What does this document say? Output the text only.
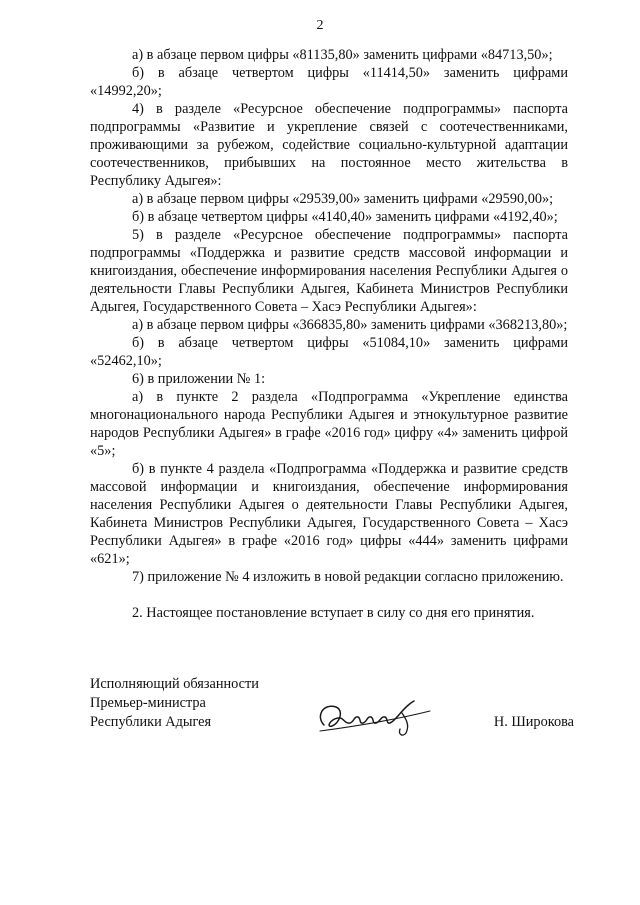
2

а) в абзаце первом цифры «81135,80» заменить цифрами «84713,50»;

б) в абзаце четвертом цифры «11414,50» заменить цифрами «14992,20»;

4) в разделе «Ресурсное обеспечение подпрограммы» паспорта подпрограммы «Развитие и укрепление связей с соотечественниками, проживающими за рубежом, содействие социально-культурной адаптации соотечественников, прибывших на постоянное место жительства в Республику Адыгея»:

а) в абзаце первом цифры «29539,00» заменить цифрами «29590,00»;

б) в абзаце четвертом цифры «4140,40» заменить цифрами «4192,40»;

5) в разделе «Ресурсное обеспечение подпрограммы» паспорта подпрограммы «Поддержка и развитие средств массовой информации и книгоиздания, обеспечение информирования населения Республики Адыгея о деятельности Главы Республики Адыгея, Кабинета Министров Республики Адыгея, Государственного Совета – Хасэ Республики Адыгея»:

а) в абзаце первом цифры «366835,80» заменить цифрами «368213,80»;

б) в абзаце четвертом цифры «51084,10» заменить цифрами «52462,10»;

6) в приложении № 1:

а) в пункте 2 раздела «Подпрограмма «Укрепление единства многонационального народа Республики Адыгея и этнокультурное развитие народов Республики Адыгея» в графе «2016 год» цифру «4» заменить цифрой «5»;

б) в пункте 4 раздела «Подпрограмма «Поддержка и развитие средств массовой информации и книгоиздания, обеспечение информирования населения Республики Адыгея о деятельности Главы Республики Адыгея, Кабинета Министров Республики Адыгея, Государственного Совета – Хасэ Республики Адыгея» в графе «2016 год» цифры «444» заменить цифрами «621»;

7) приложение № 4 изложить в новой редакции согласно приложению.

2. Настоящее постановление вступает в силу со дня его принятия.

Исполняющий обязанности
Премьер-министра
Республики Адыгея	Н. Широкова
